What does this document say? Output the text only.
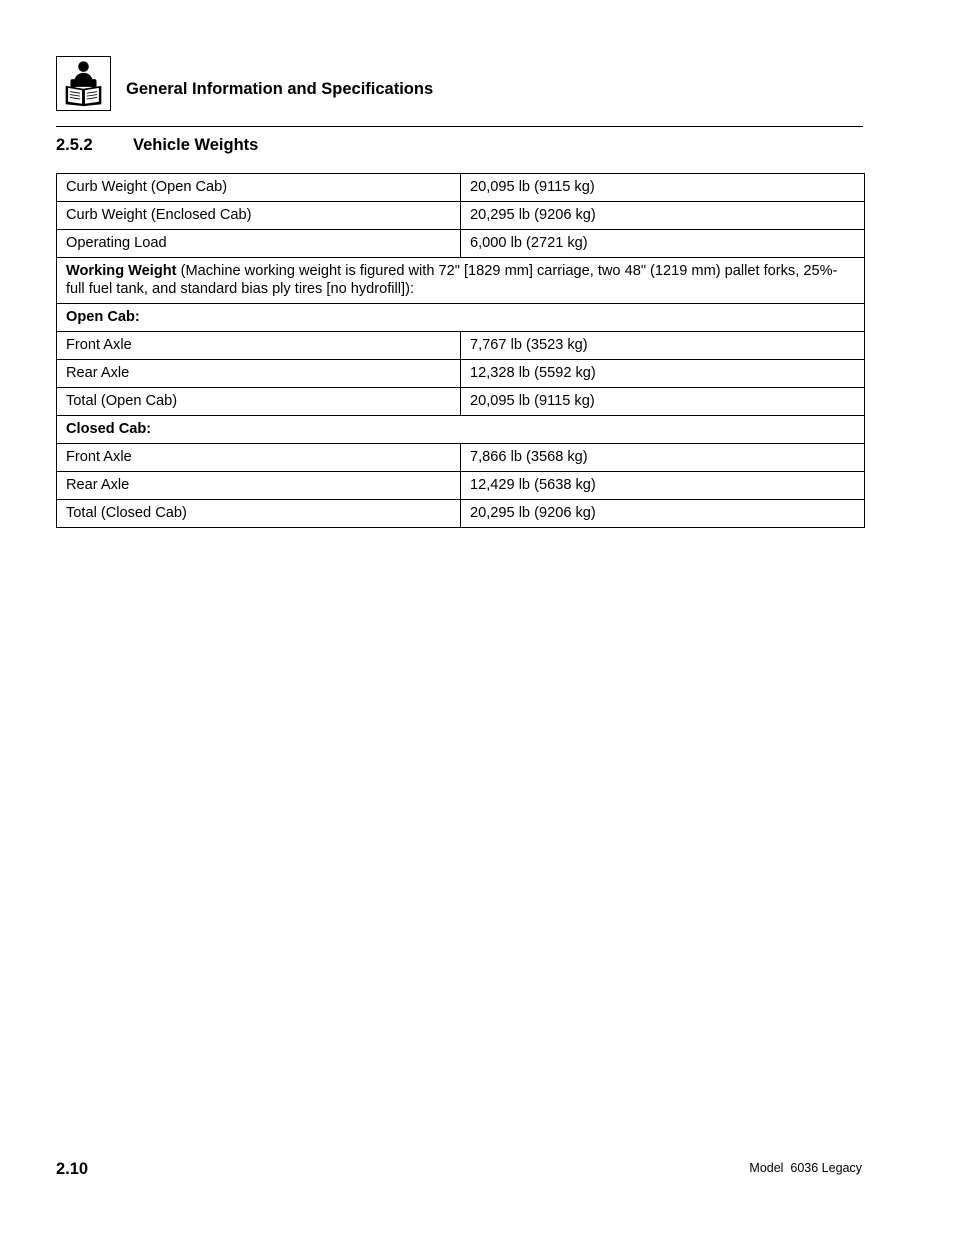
General Information and Specifications
2.5.2 Vehicle Weights
Curb Weight (Open Cab)	20,095 lb (9115 kg)
Curb Weight (Enclosed Cab)	20,295 lb (9206 kg)
Operating Load	6,000 lb (2721 kg)
Working Weight (Machine working weight is figured with 72" [1829 mm] carriage, two 48" (1219 mm) pallet forks, 25%-full fuel tank, and standard bias ply tires [no hydrofill]):	
Open Cab:	
Front Axle	7,767 lb (3523 kg)
Rear Axle	12,328 lb (5592 kg)
Total (Open Cab)	20,095 lb (9115 kg)
Closed Cab:	
Front Axle	7,866 lb (3568 kg)
Rear Axle	12,429 lb (5638 kg)
Total (Closed Cab)	20,295 lb (9206 kg)
2.10	Model  6036 Legacy
